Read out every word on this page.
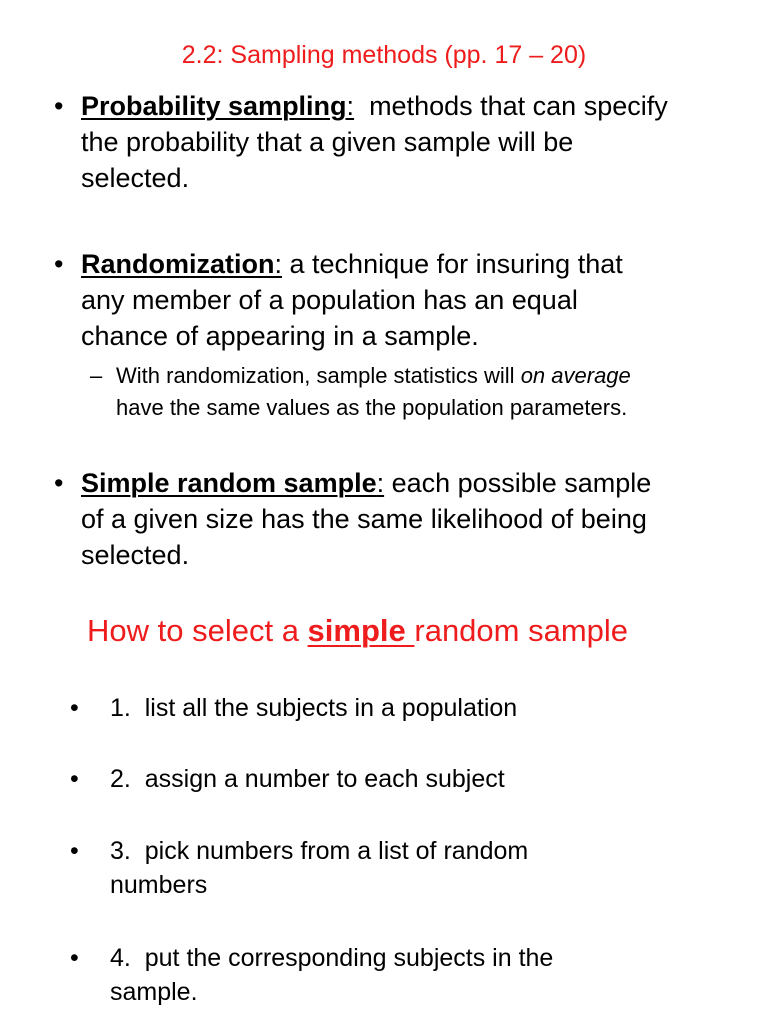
2.2: Sampling methods (pp. 17 – 20)
• Probability sampling:  methods that can specify
the probability that a given sample will be
selected.
• Randomization: a technique for insuring that
any member of a population has an equal
chance of appearing in a sample.
– With randomization, sample statistics will on average
have the same values as the population parameters.
• Simple random sample: each possible sample
of a given size has the same likelihood of being
selected.
How to select a simple random sample
• 1.  list all the subjects in a population
• 2.  assign a number to each subject
• 3.  pick numbers from a list of random
numbers
• 4.  put the corresponding subjects in the
sample.
